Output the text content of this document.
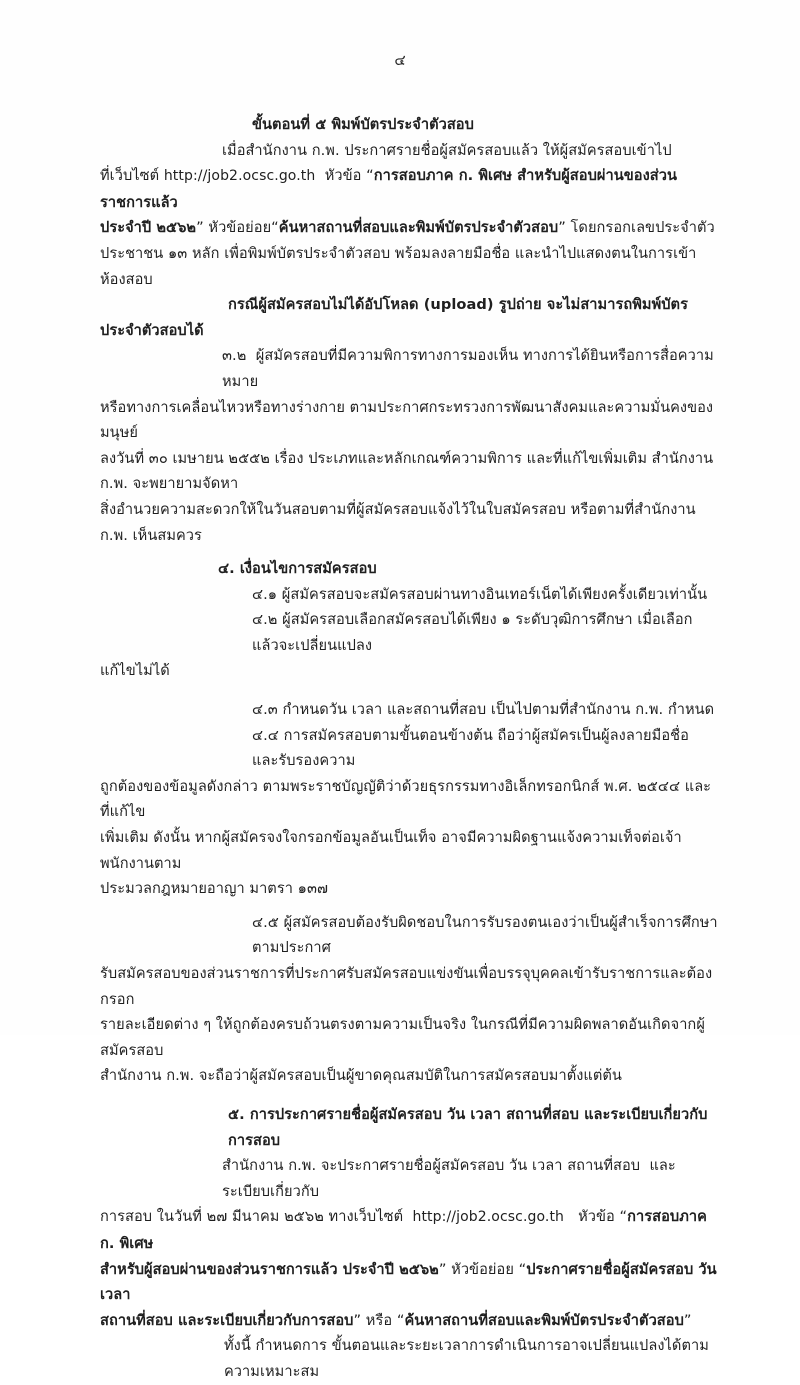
๔
ขั้นตอนที่ ๕ พิมพ์บัตรประจำตัวสอบ
เมื่อสำนักงาน ก.พ. ประกาศรายชื่อผู้สมัครสอบแล้ว ให้ผู้สมัครสอบเข้าไป
ที่เว็บไซต์ http://job2.ocsc.go.th  หัวข้อ “การสอบภาค ก. พิเศษ สำหรับผู้สอบผ่านของส่วนราชการแล้ว
ประจำปี ๒๕๖๒” หัวข้อย่อย“ค้นหาสถานที่สอบและพิมพ์บัตรประจำตัวสอบ” โดยกรอกเลขประจำตัว
ประชาชน ๑๓ หลัก เพื่อพิมพ์บัตรประจำตัวสอบ พร้อมลงลายมือชื่อ และนำไปแสดงตนในการเข้าห้องสอบ
กรณีผู้สมัครสอบไม่ได้อัปโหลด (upload) รูปถ่าย จะไม่สามารถพิมพ์บัตร
ประจำตัวสอบได้
๓.๒  ผู้สมัครสอบที่มีความพิการทางการมองเห็น ทางการได้ยินหรือการสื่อความหมาย
หรือทางการเคลื่อนไหวหรือทางร่างกาย ตามประกาศกระทรวงการพัฒนาสังคมและความมั่นคงของมนุษย์
ลงวันที่ ๓๐ เมษายน ๒๕๕๒ เรื่อง ประเภทและหลักเกณฑ์ความพิการ และที่แก้ไขเพิ่มเติม สำนักงาน ก.พ. จะพยายามจัดหา
สิ่งอำนวยความสะดวกให้ในวันสอบตามที่ผู้สมัครสอบแจ้งไว้ในใบสมัครสอบ หรือตามที่สำนักงาน ก.พ. เห็นสมควร
๔. เงื่อนไขการสมัครสอบ
๔.๑ ผู้สมัครสอบจะสมัครสอบผ่านทางอินเทอร์เน็ตได้เพียงครั้งเดียวเท่านั้น
๔.๒ ผู้สมัครสอบเลือกสมัครสอบได้เพียง ๑ ระดับวุฒิการศึกษา เมื่อเลือกแล้วจะเปลี่ยนแปลง
แก้ไขไม่ได้
๔.๓ กำหนดวัน เวลา และสถานที่สอบ เป็นไปตามที่สำนักงาน ก.พ. กำหนด
๔.๔ การสมัครสอบตามขั้นตอนข้างต้น ถือว่าผู้สมัครเป็นผู้ลงลายมือชื่อ และรับรองความ
ถูกต้องของข้อมูลดังกล่าว ตามพระราชบัญญัติว่าด้วยธุรกรรมทางอิเล็กทรอกนิกส์ พ.ศ. ๒๕๔๔ และที่แก้ไข
เพิ่มเติม ดังนั้น หากผู้สมัครจงใจกรอกข้อมูลอันเป็นเท็จ อาจมีความผิดฐานแจ้งความเท็จต่อเจ้าพนักงานตาม
ประมวลกฎหมายอาญา มาตรา ๑๓๗
๔.๕ ผู้สมัครสอบต้องรับผิดชอบในการรับรองตนเองว่าเป็นผู้สำเร็จการศึกษาตามประกาศ
รับสมัครสอบของส่วนราชการที่ประกาศรับสมัครสอบแข่งขันเพื่อบรรจุบุคคลเข้ารับราชการและต้องกรอก
รายละเอียดต่าง ๆ ให้ถูกต้องครบถ้วนตรงตามความเป็นจริง ในกรณีที่มีความผิดพลาดอันเกิดจากผู้สมัครสอบ
สำนักงาน ก.พ. จะถือว่าผู้สมัครสอบเป็นผู้ขาดคุณสมบัติในการสมัครสอบมาตั้งแต่ต้น
๕. การประกาศรายชื่อผู้สมัครสอบ วัน เวลา สถานที่สอบ และระเบียบเกี่ยวกับการสอบ
สำนักงาน ก.พ. จะประกาศรายชื่อผู้สมัครสอบ วัน เวลา สถานที่สอบ  และระเบียบเกี่ยวกับ
การสอบ ในวันที่ ๒๗ มีนาคม ๒๕๖๒ ทางเว็บไซต์  http://job2.ocsc.go.th   หัวข้อ “การสอบภาค ก. พิเศษ
สำหรับผู้สอบผ่านของส่วนราชการแล้ว ประจำปี ๒๕๖๒” หัวข้อย่อย “ประกาศรายชื่อผู้สมัครสอบ วัน เวลา
สถานที่สอบ และระเบียบเกี่ยวกับการสอบ” หรือ “ค้นหาสถานที่สอบและพิมพ์บัตรประจำตัวสอบ”
ทั้งนี้ กำหนดการ ขั้นตอนและระยะเวลาการดำเนินการอาจเปลี่ยนแปลงได้ตามความเหมาะสม
